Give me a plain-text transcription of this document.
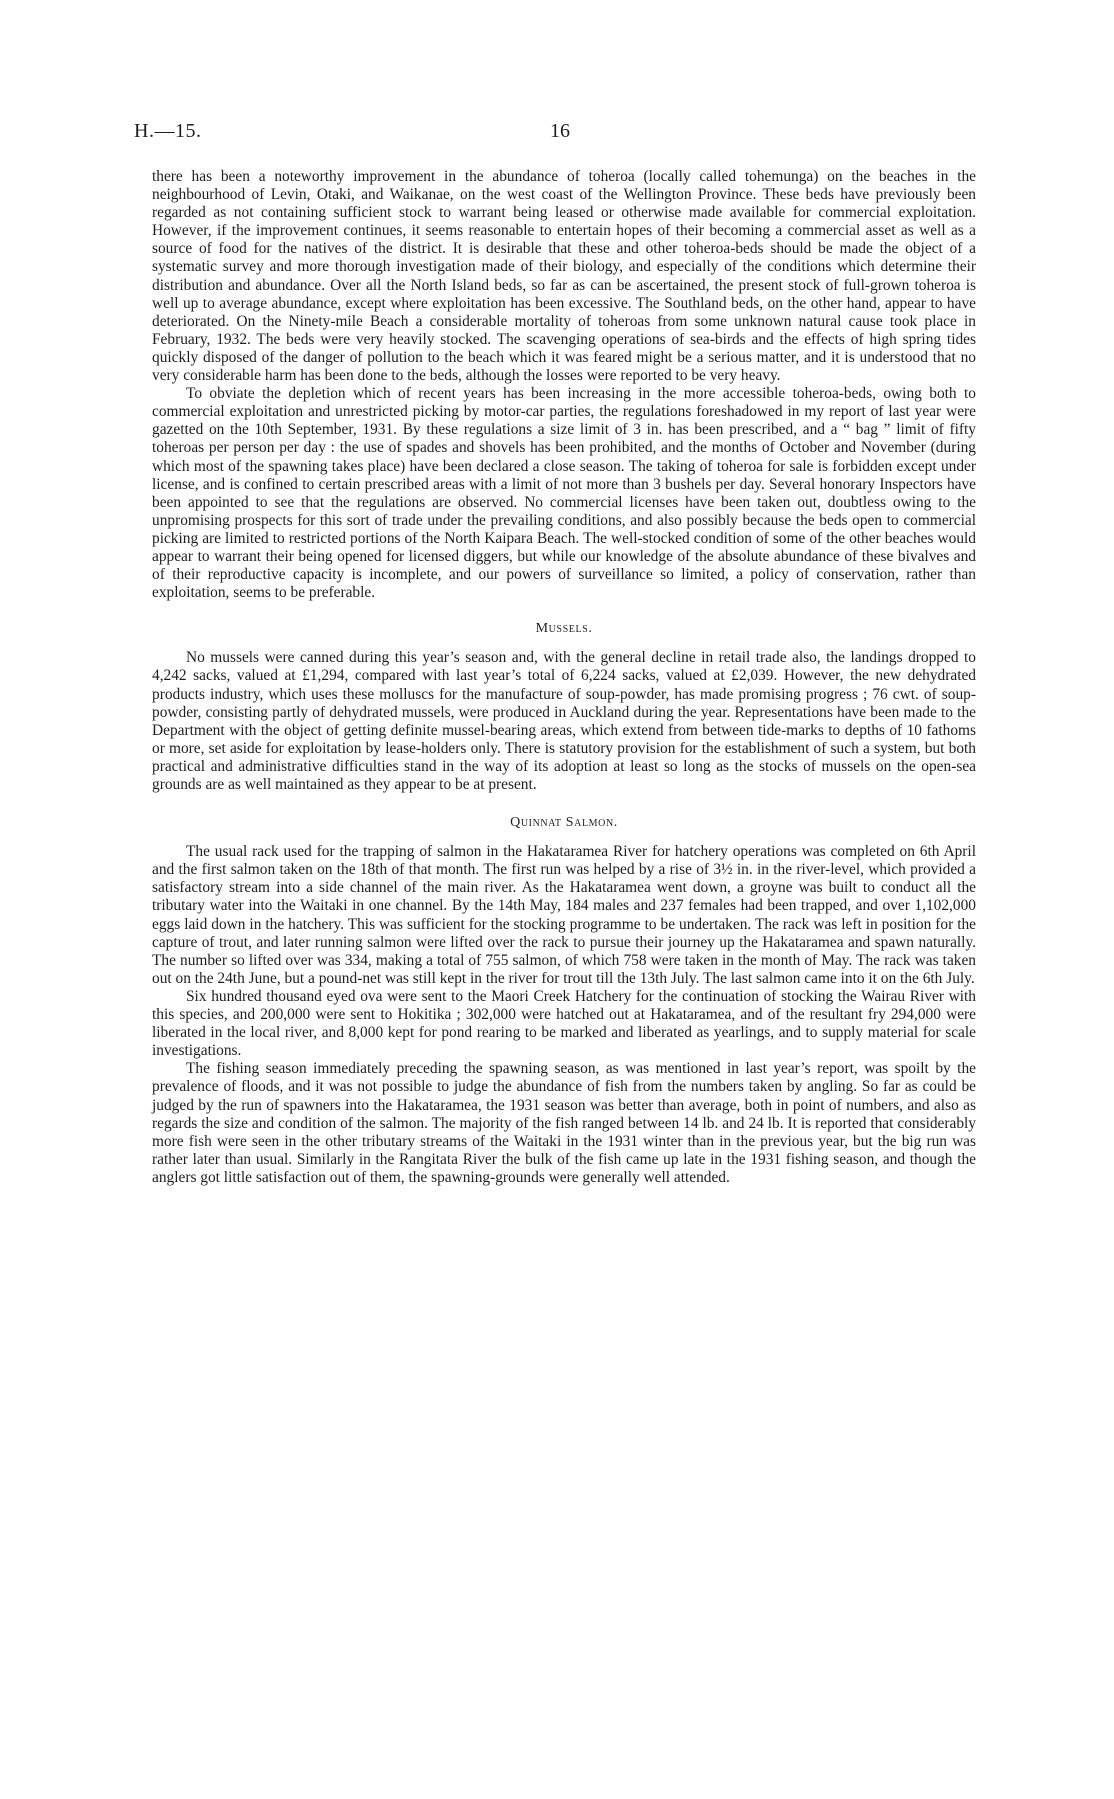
H.—15.	16

there has been a noteworthy improvement in the abundance of toheroa (locally called tohemunga) on the beaches in the neighbourhood of Levin, Otaki, and Waikanae, on the west coast of the Wellington Province. These beds have previously been regarded as not containing sufficient stock to warrant being leased or otherwise made available for commercial exploitation. However, if the improvement continues, it seems reasonable to entertain hopes of their becoming a commercial asset as well as a source of food for the natives of the district. It is desirable that these and other toheroa-beds should be made the object of a systematic survey and more thorough investigation made of their biology, and especially of the conditions which determine their distribution and abundance. Over all the North Island beds, so far as can be ascertained, the present stock of full-grown toheroa is well up to average abundance, except where exploitation has been excessive. The Southland beds, on the other hand, appear to have deteriorated. On the Ninety-mile Beach a considerable mortality of toheroas from some unknown natural cause took place in February, 1932. The beds were very heavily stocked. The scavenging operations of sea-birds and the effects of high spring tides quickly disposed of the danger of pollution to the beach which it was feared might be a serious matter, and it is understood that no very considerable harm has been done to the beds, although the losses were reported to be very heavy.

To obviate the depletion which of recent years has been increasing in the more accessible toheroa-beds, owing both to commercial exploitation and unrestricted picking by motor-car parties, the regulations foreshadowed in my report of last year were gazetted on the 10th September, 1931. By these regulations a size limit of 3 in. has been prescribed, and a “ bag ” limit of fifty toheroas per person per day : the use of spades and shovels has been prohibited, and the months of October and November (during which most of the spawning takes place) have been declared a close season. The taking of toheroa for sale is forbidden except under license, and is confined to certain prescribed areas with a limit of not more than 3 bushels per day. Several honorary Inspectors have been appointed to see that the regulations are observed. No commercial licenses have been taken out, doubtless owing to the unpromising prospects for this sort of trade under the prevailing conditions, and also possibly because the beds open to commercial picking are limited to restricted portions of the North Kaipara Beach. The well-stocked condition of some of the other beaches would appear to warrant their being opened for licensed diggers, but while our knowledge of the absolute abundance of these bivalves and of their reproductive capacity is incomplete, and our powers of surveillance so limited, a policy of conservation, rather than exploitation, seems to be preferable.

Mussels.

No mussels were canned during this year’s season and, with the general decline in retail trade also, the landings dropped to 4,242 sacks, valued at £1,294, compared with last year’s total of 6,224 sacks, valued at £2,039. However, the new dehydrated products industry, which uses these molluscs for the manufacture of soup-powder, has made promising progress ; 76 cwt. of soup-powder, consisting partly of dehydrated mussels, were produced in Auckland during the year. Representations have been made to the Department with the object of getting definite mussel-bearing areas, which extend from between tide-marks to depths of 10 fathoms or more, set aside for exploitation by lease-holders only. There is statutory provision for the establishment of such a system, but both practical and administrative difficulties stand in the way of its adoption at least so long as the stocks of mussels on the open-sea grounds are as well maintained as they appear to be at present.

Quinnat Salmon.

The usual rack used for the trapping of salmon in the Hakataramea River for hatchery operations was completed on 6th April and the first salmon taken on the 18th of that month. The first run was helped by a rise of 3½ in. in the river-level, which provided a satisfactory stream into a side channel of the main river. As the Hakataramea went down, a groyne was built to conduct all the tributary water into the Waitaki in one channel. By the 14th May, 184 males and 237 females had been trapped, and over 1,102,000 eggs laid down in the hatchery. This was sufficient for the stocking programme to be undertaken. The rack was left in position for the capture of trout, and later running salmon were lifted over the rack to pursue their journey up the Hakataramea and spawn naturally. The number so lifted over was 334, making a total of 755 salmon, of which 758 were taken in the month of May. The rack was taken out on the 24th June, but a pound-net was still kept in the river for trout till the 13th July. The last salmon came into it on the 6th July.

Six hundred thousand eyed ova were sent to the Maori Creek Hatchery for the continuation of stocking the Wairau River with this species, and 200,000 were sent to Hokitika ; 302,000 were hatched out at Hakataramea, and of the resultant fry 294,000 were liberated in the local river, and 8,000 kept for pond rearing to be marked and liberated as yearlings, and to supply material for scale investigations.

The fishing season immediately preceding the spawning season, as was mentioned in last year’s report, was spoilt by the prevalence of floods, and it was not possible to judge the abundance of fish from the numbers taken by angling. So far as could be judged by the run of spawners into the Hakataramea, the 1931 season was better than average, both in point of numbers, and also as regards the size and condition of the salmon. The majority of the fish ranged between 14 lb. and 24 lb. It is reported that considerably more fish were seen in the other tributary streams of the Waitaki in the 1931 winter than in the previous year, but the big run was rather later than usual. Similarly in the Rangitata River the bulk of the fish came up late in the 1931 fishing season, and though the anglers got little satisfaction out of them, the spawning-grounds were generally well attended.
